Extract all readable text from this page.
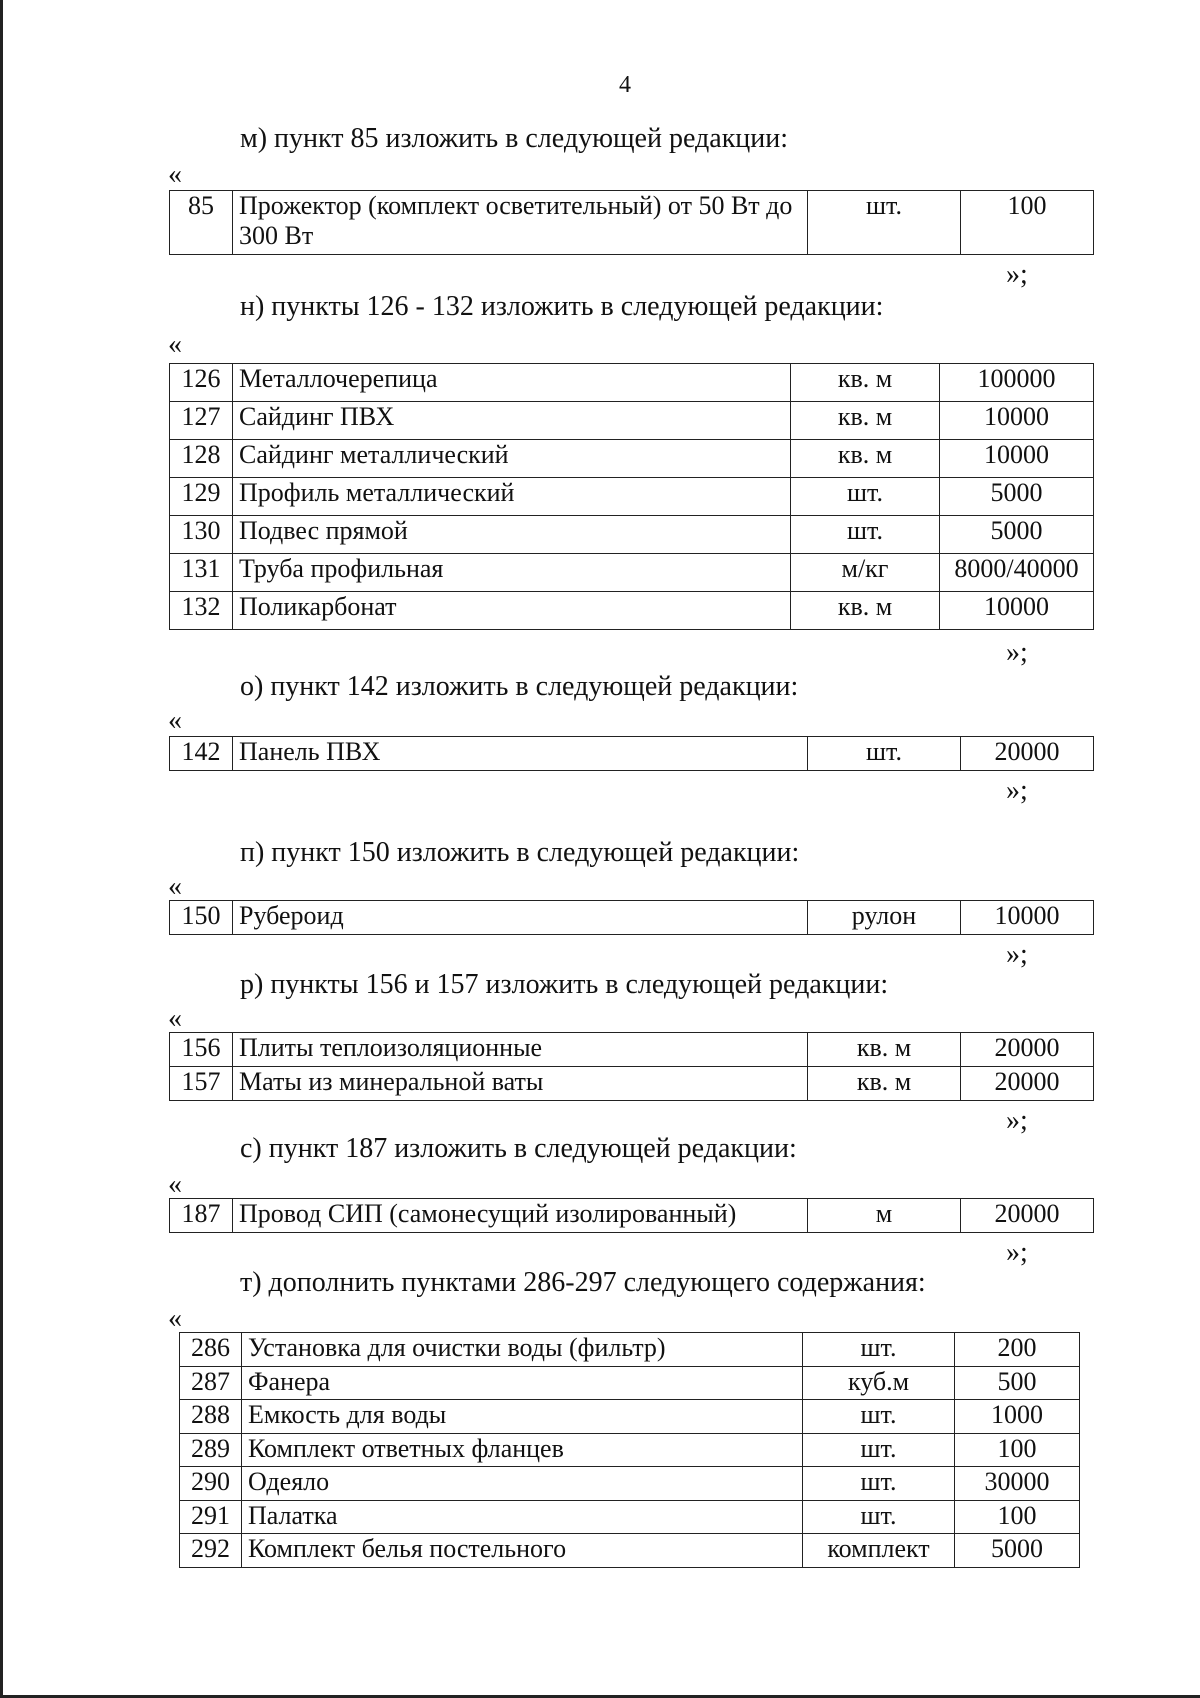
4
м) пункт 85 изложить в следующей редакции:
«
85	Прожектор (комплект осветительный) от 50 Вт до 300 Вт	шт.	100
»;
н) пункты 126 - 132 изложить в следующей редакции:
«
126	Металлочерепица	кв. м	100000
127	Сайдинг ПВХ	кв. м	10000
128	Сайдинг металлический	кв. м	10000
129	Профиль металлический	шт.	5000
130	Подвес прямой	шт.	5000
131	Труба профильная	м/кг	8000/40000
132	Поликарбонат	кв. м	10000
»;
о) пункт 142 изложить в следующей редакции:
«
142	Панель ПВХ	шт.	20000
»;
п) пункт 150 изложить в следующей редакции:
«
150	Рубероид	рулон	10000
»;
р) пункты 156 и 157 изложить в следующей редакции:
«
156	Плиты теплоизоляционные	кв. м	20000
157	Маты из минеральной ваты	кв. м	20000
»;
с) пункт 187 изложить в следующей редакции:
«
187	Провод СИП (самонесущий изолированный)	м	20000
»;
т) дополнить пунктами 286-297 следующего содержания:
«
286	Установка для очистки воды (фильтр)	шт.	200
287	Фанера	куб.м	500
288	Емкость для воды	шт.	1000
289	Комплект ответных фланцев	шт.	100
290	Одеяло	шт.	30000
291	Палатка	шт.	100
292	Комплект белья постельного	комплект	5000
